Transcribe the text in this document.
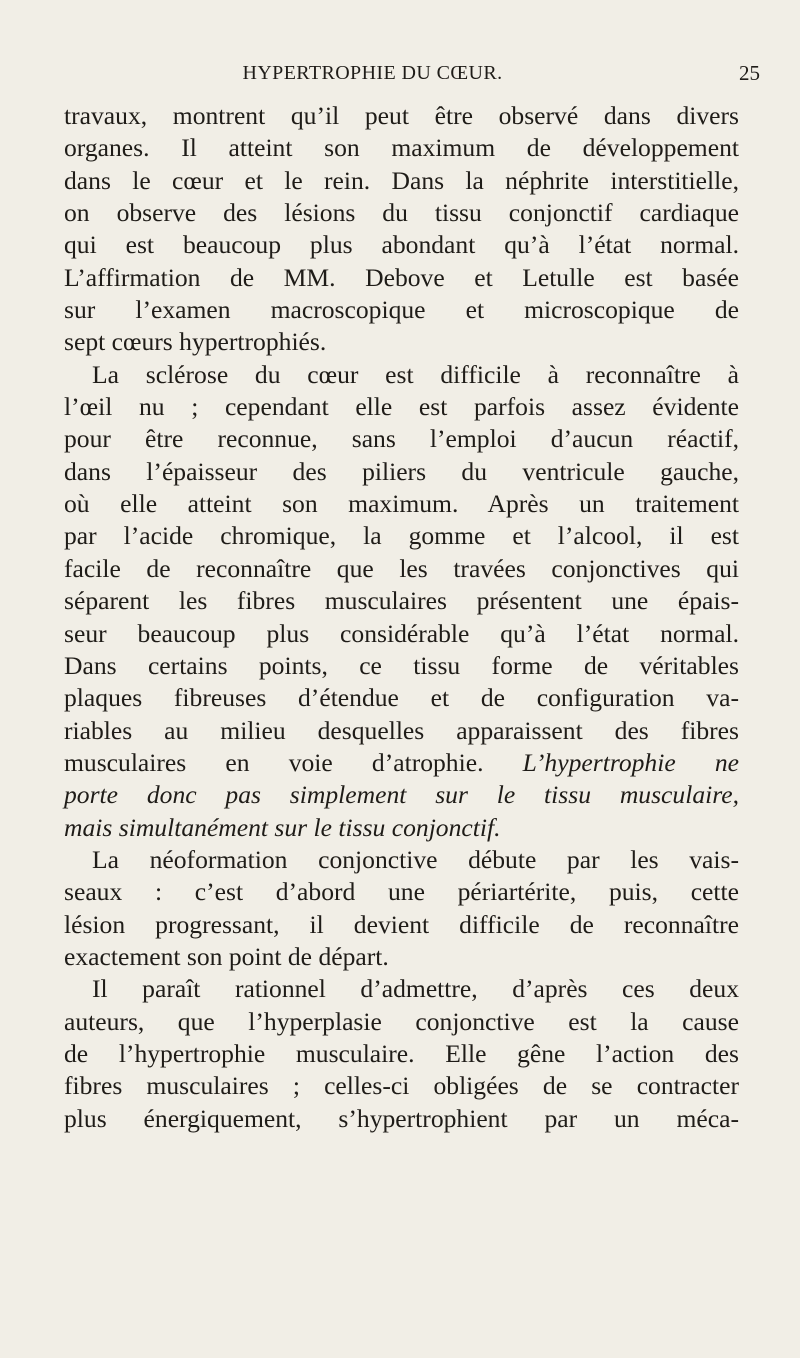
HYPERTROPHIE DU CŒUR.	25
travaux, montrent qu’il peut être observé dans divers
organes. Il atteint son maximum de développement
dans le cœur et le rein. Dans la néphrite interstitielle,
on observe des lésions du tissu conjonctif cardiaque
qui est beaucoup plus abondant qu’à l’état normal.
L’affirmation de MM. Debove et Letulle est basée
sur l’examen macroscopique et microscopique de
sept cœurs hypertrophiés.
La sclérose du cœur est difficile à reconnaître à
l’œil nu ; cependant elle est parfois assez évidente
pour être reconnue, sans l’emploi d’aucun réactif,
dans l’épaisseur des piliers du ventricule gauche,
où elle atteint son maximum. Après un traitement
par l’acide chromique, la gomme et l’alcool, il est
facile de reconnaître que les travées conjonctives qui
séparent les fibres musculaires présentent une épais-
seur beaucoup plus considérable qu’à l’état normal.
Dans certains points, ce tissu forme de véritables
plaques fibreuses d’étendue et de configuration va-
riables au milieu desquelles apparaissent des fibres
musculaires en voie d’atrophie. L’hypertrophie ne
porte donc pas simplement sur le tissu musculaire,
mais simultanément sur le tissu conjonctif.
La néoformation conjonctive débute par les vais-
seaux : c’est d’abord une périartérite, puis, cette
lésion progressant, il devient difficile de reconnaître
exactement son point de départ.
Il paraît rationnel d’admettre, d’après ces deux
auteurs, que l’hyperplasie conjonctive est la cause
de l’hypertrophie musculaire. Elle gêne l’action des
fibres musculaires ; celles-ci obligées de se contracter
plus énergiquement, s’hypertrophient par un méca-
